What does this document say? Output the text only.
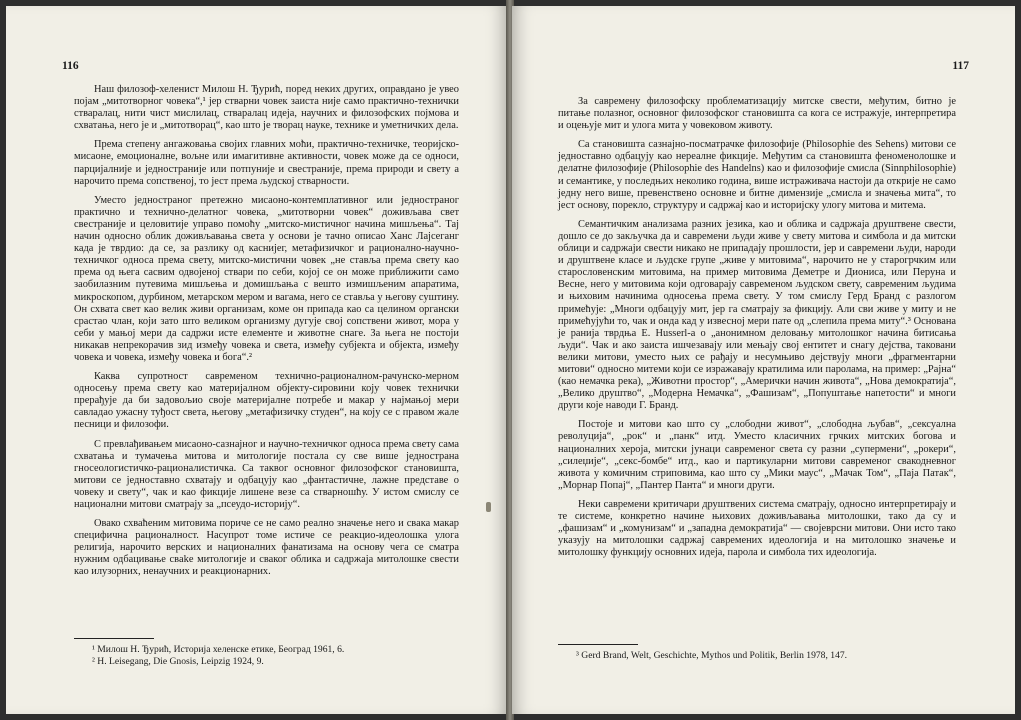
116

Наш филозоф-хеленист Милош Н. Ђурић, поред неких других, оправдано је увео појам „митотворног човека“,¹ јер стварни човек заиста није само практично-технички стваралац, нити чист мислилац, стваралац идеја, научних и филозофских појмова и схватања, него је и „митотворац“, као што је творац науке, технике и уметничких дела.

Према степену ангажовања својих главних моћи, практично-техничке, теоријско-мисаоне, емоционалне, вољне или имагитивне активности, човек може да се односи, парцијалније и једностраније или потпуније и свестраније, према природи и свету а нарочито према сопственој, то јест према људској стварности.

Уместо једностраног претежно мисаоно-контемплативног или једностраног практично и технично-делатног човека, „митотворни човек“ доживљава свет свестраније и целовитије управо помоћу „митско-мистичног начина мишљења“. Тај начин односно облик доживљавања света у основи је тачно описао Ханс Лајсеганг када је тврдио: да се, за разлику од каснијег, метафизичког и рационално-научно-техничког односа према свету, митско-мистични човек „не ставља према свету као према од њега сасвим одвојеној ствари по себи, којој се он може приближити само заобилазним путевима мишљења и домишљања с вешто измишљеним апаратима, микроскопом, дурбином, метарском мером и вагама, него се ставља у његову суштину. Он схвата свет као велик живи организам, коме он припада као са целином органски срастао члан, који зато што великом организму дугује свој сопствени живот, мора у себи у мањој мери да садржи исте елементе и животне снаге. За њега не постоји никакав непрекорачив зид између човека и света, између субјекта и објекта, између човека и човека, између човека и бога“.²

Каква супротност савременом технично-рационалном-рачунско-мерном односењу према свету као материјалном објекту-сировини коју човек технички прерађује да би задовољио своје материјалне потребе и макар у најмањој мери савладао ужасну туђост света, његову „метафизичку студен“, на коју се с правом жале песници и филозофи.

С превлађивањем мисаоно-сазнајног и научно-техничког односа према свету сама схватања и тумачења митова и митологије постала су све више једнострана гносеологистичко-рационалистичка. Са таквог основног филозофског становишта, митови се једноставно схватају и одбацују као „фантастичне, лажне представе о човеку и свету“, чак и као фикције лишене везе са стварношћу. У истом смислу се национални митови сматрају за „псеудо-историју“.

Овако схваћеним митовима пориче се не само реално значење него и свака макар специфична рационалност. Насупрот томе истиче се реакцио-идеолошка улога религија, нарочито верских и националних фанатизама на основу чега се сматра нужним одбацивање свake митологије и сваког облика и садржаја митолошке свести као илузорних, ненаучних и реакционарних.

¹ Милош Н. Ђурић, Историја хеленске етике, Београд 1961, 6.

² H. Leisegang, Die Gnosis, Leipzig 1924, 9.

117

За савремену филозофску проблематизацију митске свести, међутим, битно је питање полазног, основног филозофског становишта са кога се истражује, интерпретира и оцењује мит и улога мита у човековом животу.

Са становишта сазнајно-посматрачке филозофије (Philosophie des Sehens) митови се једноставно одбацују као нереалне фикције. Међутим са становишта феноменолошке и делатне филозофије (Philosophie des Handelns) као и филозофије смисла (Sinnphilosophie) и семантике, у последњих неколико година, више истраживача настоји да открије не само једну него више, превенствено основне и битне димензије „смисла и значења мита“, то јест основу, порекло, структуру и садржај као и историјску улогу митова и митема.

Семантичким анализама разних језика, као и облика и садржаја друштвене свести, дошло се до закључка да и савремени људи живе у свету митова и симбола и да митски облици и садржаји свести никако не припадају прошлости, јер и савремени људи, народи и друштвене класе и људске групе „живе у митовима“, нарочито не у старогрчким или старословенским митовима, на пример митовима Деметре и Диониса, или Перуна и Весне, него у митовима који одговарају савременом људском свету, савременим људима и њиховим начинима односења према свету. У том смислу Герд Бранд с разлогом примећује: „Многи одбацују мит, јер га сматрају за фикцију. Али сви живе у миту и не примећујући то, чак и онда кад у извесној мери пате од „слепила према миту“.³ Основана је рaнија тврдња Е. Husserl-а о „анонимном деловању митолошког начина битисања људи“. Чак и ако заиста ишчезавају или мењају свој ентитет и снагу дејства, таковани велики митови, уместо њих се рађају и несумњиво дејствују многи „фрагментарни митови“ односно митеми који се изражавају кратилима или паролама, на пример: „Рајна“ (као немачка река), „Животни простор“, „Амерички начин живота“, „Нова демократија“, „Велико друштво“, „Модерна Немачка“, „Фашизам“, „Попуштање напетости“ и многи други које наводи Г. Бранд.

Постоје и митови као што су „слободни живот“, „слободна љубав“, „сексуална револуција“, „рок“ и „панк“ итд. Уместо класичних грчких митских богова и националних хероја, митски јунаци савременог света су разни „супермени“, „рокери“, „силеџије“, „секс-бомбе“ итд., као и партикуларни митови савременог свакодневног живота у комичним стриповима, као што су „Мики маус“, „Мачак Том“, „Паја Патак“, „Морнар Попај“, „Пантер Панта“ и многи други.

Неки савремени критичари друштвених система сматрају, односно интерпретирају и те системе, конкретно начине њихових доживљавања митолошки, тако да су и „фашизам“ и „комунизам“ и „западна демократија“ — својеврсни митови. Они исто тако указују на митолошки садржај савремених идеологија и на митолошко значење и митолошку функцију основних идеја, парола и симбола тих идеологија.

³ Gerd Brand, Welt, Geschichte, Mythos und Politik, Berlin 1978, 147.
